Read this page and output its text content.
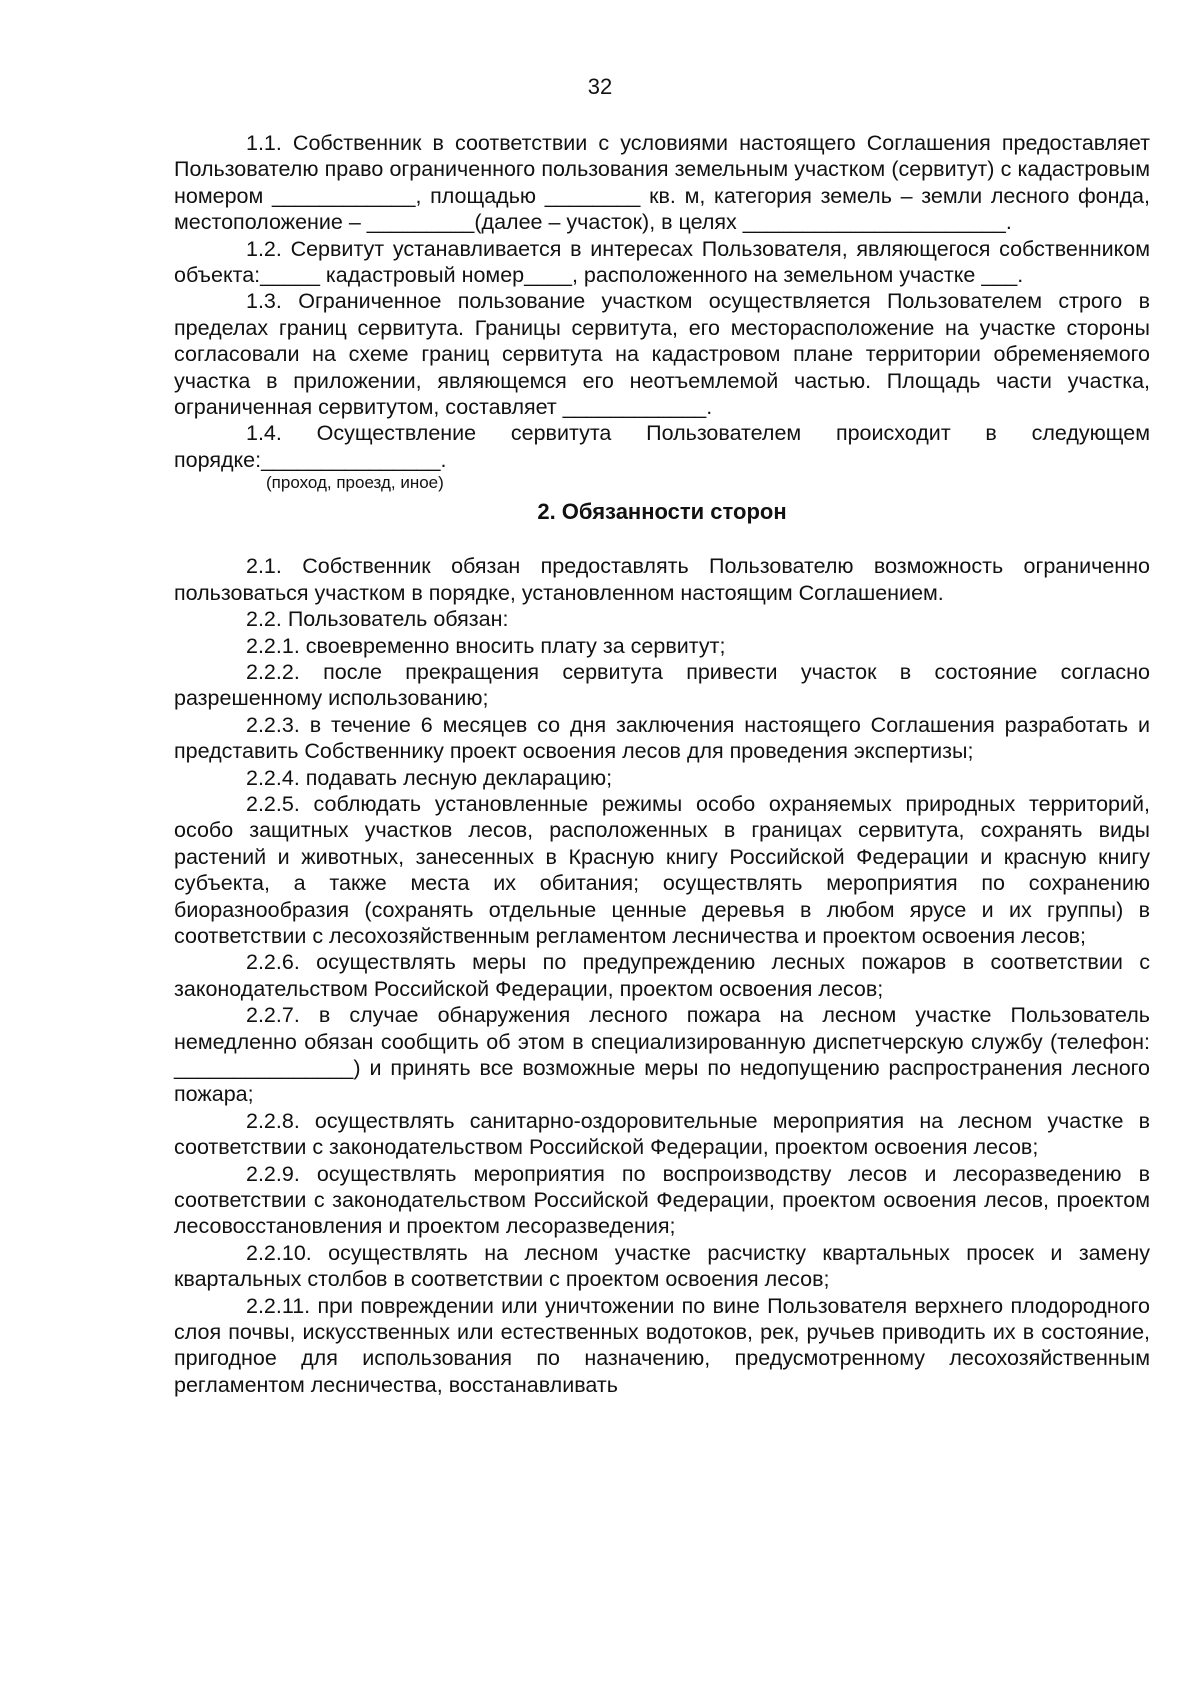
32

1.1. Собственник в соответствии с условиями настоящего Соглашения предоставляет Пользователю право ограниченного пользования земельным участком (сервитут) с кадастровым номером ____________, площадью ________ кв. м, категория земель – земли лесного фонда, местоположение – _________(далее – участок), в целях ______________________.

1.2. Сервитут устанавливается в интересах Пользователя, являющегося собственником объекта:_____ кадастровый номер____, расположенного на земельном участке ___.

1.3. Ограниченное пользование участком осуществляется Пользователем строго в пределах границ сервитута. Границы сервитута, его месторасположение на участке стороны согласовали на схеме границ сервитута на кадастровом плане территории обременяемого участка в приложении, являющемся его неотъемлемой частью. Площадь части участка, ограниченная сервитутом, составляет ____________.

1.4. Осуществление сервитута Пользователем происходит в следующем порядке:_______________.

(проход, проезд, иное)

2. Обязанности сторон

2.1. Собственник обязан предоставлять Пользователю возможность ограниченно пользоваться участком в порядке, установленном настоящим Соглашением.

2.2. Пользователь обязан:

2.2.1. своевременно вносить плату за сервитут;

2.2.2. после прекращения сервитута привести участок в состояние согласно разрешенному использованию;

2.2.3. в течение 6 месяцев со дня заключения настоящего Соглашения разработать и представить Собственнику проект освоения лесов для проведения экспертизы;

2.2.4. подавать лесную декларацию;

2.2.5. соблюдать установленные режимы особо охраняемых природных территорий, особо защитных участков лесов, расположенных в границах сервитута, сохранять виды растений и животных, занесенных в Красную книгу Российской Федерации и красную книгу субъекта, а также места их обитания; осуществлять мероприятия по сохранению биоразнообразия (сохранять отдельные ценные деревья в любом ярусе и их группы) в соответствии с лесохозяйственным регламентом лесничества и проектом освоения лесов;

2.2.6. осуществлять меры по предупреждению лесных пожаров в соответствии с законодательством Российской Федерации, проектом освоения лесов;

2.2.7. в случае обнаружения лесного пожара на лесном участке Пользователь немедленно обязан сообщить об этом в специализированную диспетчерскую службу (телефон: _______________) и принять все возможные меры по недопущению распространения лесного пожара;

2.2.8. осуществлять санитарно-оздоровительные мероприятия на лесном участке в соответствии с законодательством Российской Федерации, проектом освоения лесов;

2.2.9. осуществлять мероприятия по воспроизводству лесов и лесоразведению в соответствии с законодательством Российской Федерации, проектом освоения лесов, проектом лесовосстановления и проектом лесоразведения;

2.2.10. осуществлять на лесном участке расчистку квартальных просек и замену квартальных столбов в соответствии с проектом освоения лесов;

2.2.11. при повреждении или уничтожении по вине Пользователя верхнего плодородного слоя почвы, искусственных или естественных водотоков, рек, ручьев приводить их в состояние, пригодное для использования по назначению, предусмотренному лесохозяйственным регламентом лесничества, восстанавливать
